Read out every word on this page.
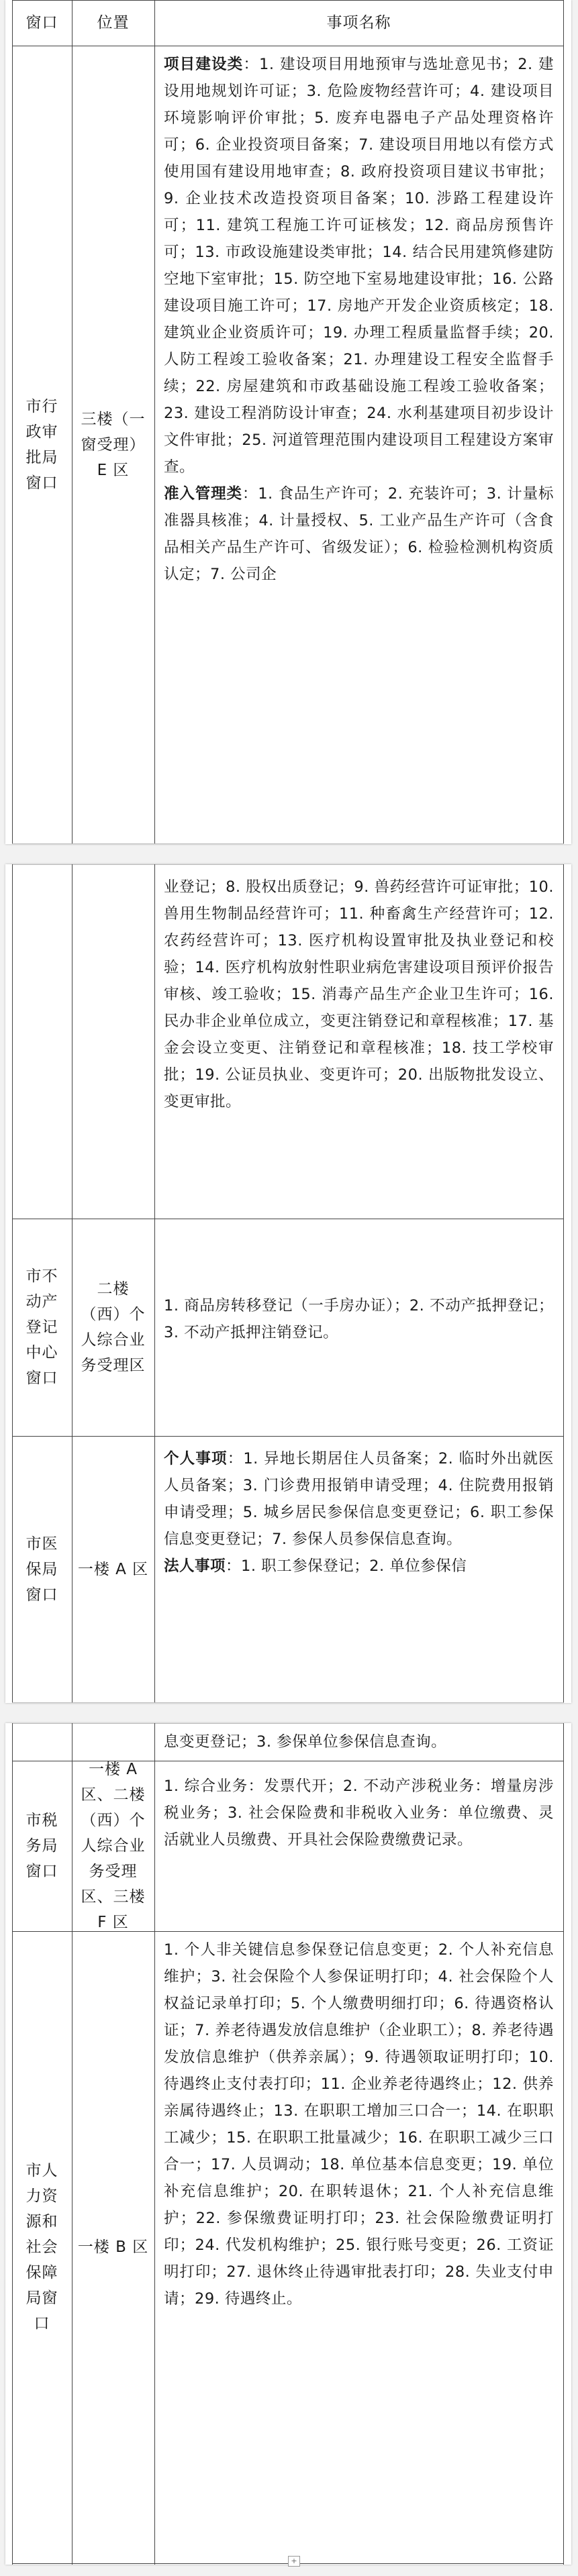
窗口	位置	事项名称
市行政审批局窗口
三楼（一窗受理）E 区

项目建设类：1. 建设项目用地预审与选址意见书；2. 建设用地规划许可证；3. 危险废物经营许可；4. 建设项目环境影响评价审批；5. 废弃电器电子产品处理资格许可；6. 企业投资项目备案；7. 建设项目用地以有偿方式使用国有建设用地审查；8. 政府投资项目建议书审批；9. 企业技术改造投资项目备案；10. 涉路工程建设许可；11. 建筑工程施工许可证核发；12. 商品房预售许可；13. 市政设施建设类审批；14. 结合民用建筑修建防空地下室审批；15. 防空地下室易地建设审批；16. 公路建设项目施工许可；17. 房地产开发企业资质核定；18. 建筑业企业资质许可；19. 办理工程质量监督手续；20. 人防工程竣工验收备案；21. 办理建设工程安全监督手续；22. 房屋建筑和市政基础设施工程竣工验收备案；23. 建设工程消防设计审查；24. 水利基建项目初步设计文件审批；25. 河道管理范围内建设项目工程建设方案审查。

准入管理类：1. 食品生产许可；2. 充装许可；3. 计量标准器具核准；4. 计量授权、5. 工业产品生产许可（含食品相关产品生产许可、省级发证）；6. 检验检测机构资质认定；7. 公司企

业登记；8. 股权出质登记；9. 兽药经营许可证审批；10. 兽用生物制品经营许可；11. 种畜禽生产经营许可；12. 农药经营许可；13. 医疗机构设置审批及执业登记和校验；14. 医疗机构放射性职业病危害建设项目预评价报告审核、竣工验收；15. 消毒产品生产企业卫生许可；16. 民办非企业单位成立，变更注销登记和章程核准；17. 基金会设立变更、注销登记和章程核准；18. 技工学校审批；19. 公证员执业、变更许可；20. 出版物批发设立、变更审批。

市不动产登记中心窗口
二楼（西）个人综合业务受理区

1. 商品房转移登记（一手房办证）；2. 不动产抵押登记；3. 不动产抵押注销登记。

市医保局窗口
一楼 A 区

个人事项：1. 异地长期居住人员备案；2. 临时外出就医人员备案；3. 门诊费用报销申请受理；4. 住院费用报销申请受理；5. 城乡居民参保信息变更登记；6. 职工参保信息变更登记；7. 参保人员参保信息查询。

法人事项：1. 职工参保登记；2. 单位参保信

息变更登记；3. 参保单位参保信息查询。

市税务局窗口
一楼 A 区、二楼（西）个人综合业务受理区、三楼 F 区

1. 综合业务：发票代开；2. 不动产涉税业务：增量房涉税业务；3. 社会保险费和非税收入业务：单位缴费、灵活就业人员缴费、开具社会保险费缴费记录。

市人力资源和社会保障局窗口
一楼 B 区

1. 个人非关键信息参保登记信息变更；2. 个人补充信息维护；3. 社会保险个人参保证明打印；4. 社会保险个人权益记录单打印；5. 个人缴费明细打印；6. 待遇资格认证；7. 养老待遇发放信息维护（企业职工）；8. 养老待遇发放信息维护（供养亲属）；9. 待遇领取证明打印；10. 待遇终止支付表打印；11. 企业养老待遇终止；12. 供养亲属待遇终止；13. 在职职工增加三口合一；14. 在职职工减少；15. 在职职工批量减少；16. 在职职工减少三口合一；17. 人员调动；18. 单位基本信息变更；19. 单位补充信息维护；20. 在职转退休；21. 个人补充信息维护；22. 参保缴费证明打印；23. 社会保险缴费证明打印；24. 代发机构维护；25. 银行账号变更；26. 工资证明打印；27. 退休终止待遇审批表打印；28. 失业支付申请；29. 待遇终止。

+
